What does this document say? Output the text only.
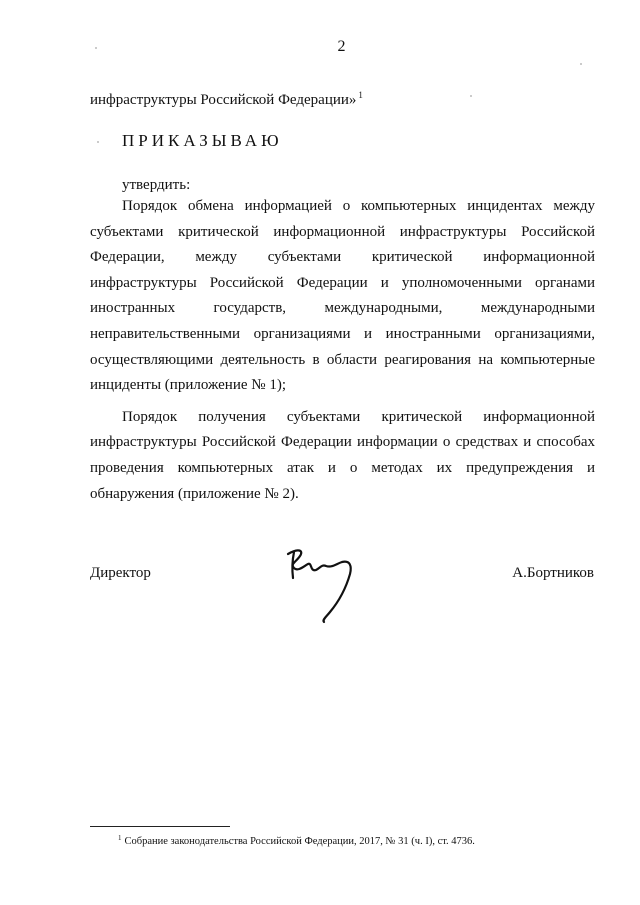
2
инфраструктуры Российской Федерации» $^1$
ПРИКАЗЫВАЮ
утвердить:

Порядок обмена информацией о компьютерных инцидентах между субъектами критической информационной инфраструктуры Российской Федерации, между субъектами критической информационной инфраструктуры Российской Федерации и уполномоченными органами иностранных государств, международными, международными неправительственными организациями и иностранными организациями, осуществляющими деятельность в области реагирования на компьютерные инциденты (приложение № 1);

Порядок получения субъектами критической информационной инфраструктуры Российской Федерации информации о средствах и способах проведения компьютерных атак и о методах их предупреждения и обнаружения (приложение № 2).

Директор	А.Бортников
$^1$ Собрание законодательства Российской Федерации, 2017, № 31 (ч. I), ст. 4736.
